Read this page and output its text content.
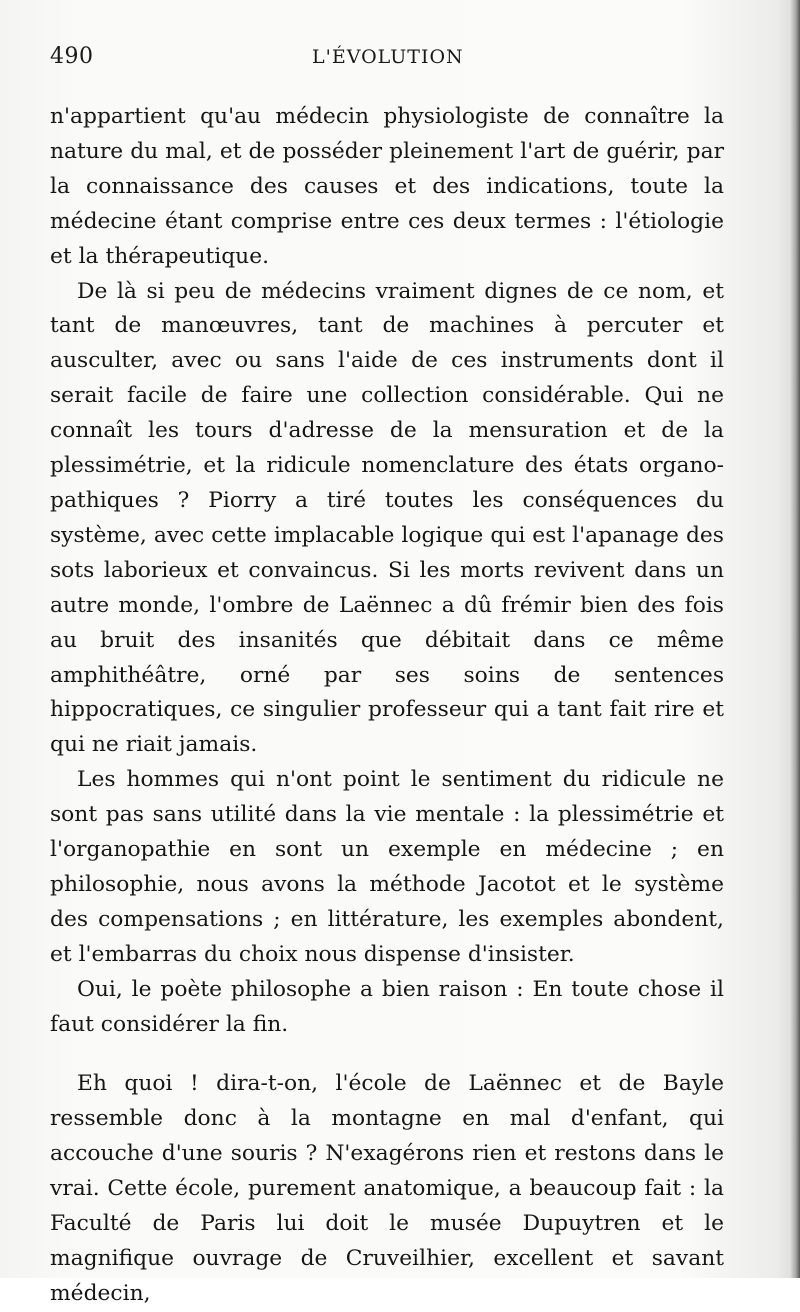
490	L'ÉVOLUTION

n'appartient qu'au médecin physiologiste de connaître la nature du mal, et de posséder pleinement l'art de guérir, par la connaissance des causes et des indications, toute la médecine étant comprise entre ces deux termes : l'étiologie et la thérapeutique.

De là si peu de médecins vraiment dignes de ce nom, et tant de manœuvres, tant de machines à percuter et ausculter, avec ou sans l'aide de ces instruments dont il serait facile de faire une collection considérable. Qui ne connaît les tours d'adresse de la mensuration et de la plessimétrie, et la ridicule nomenclature des états organo-pathiques ? Piorry a tiré toutes les conséquences du système, avec cette implacable logique qui est l'apanage des sots laborieux et convaincus. Si les morts revivent dans un autre monde, l'ombre de Laënnec a dû frémir bien des fois au bruit des insanités que débitait dans ce même amphithéâtre, orné par ses soins de sentences hippocratiques, ce singulier professeur qui a tant fait rire et qui ne riait jamais.

Les hommes qui n'ont point le sentiment du ridicule ne sont pas sans utilité dans la vie mentale : la plessimétrie et l'organopathie en sont un exemple en médecine ; en philosophie, nous avons la méthode Jacotot et le système des compensations ; en littérature, les exemples abondent, et l'embarras du choix nous dispense d'insister.

Oui, le poète philosophe a bien raison : En toute chose il faut considérer la fin.

Eh quoi ! dira-t-on, l'école de Laënnec et de Bayle ressemble donc à la montagne en mal d'enfant, qui accouche d'une souris ? N'exagérons rien et restons dans le vrai. Cette école, purement anatomique, a beaucoup fait : la Faculté de Paris lui doit le musée Dupuytren et le magnifique ouvrage de Cruveilhier, excellent et savant médecin,
